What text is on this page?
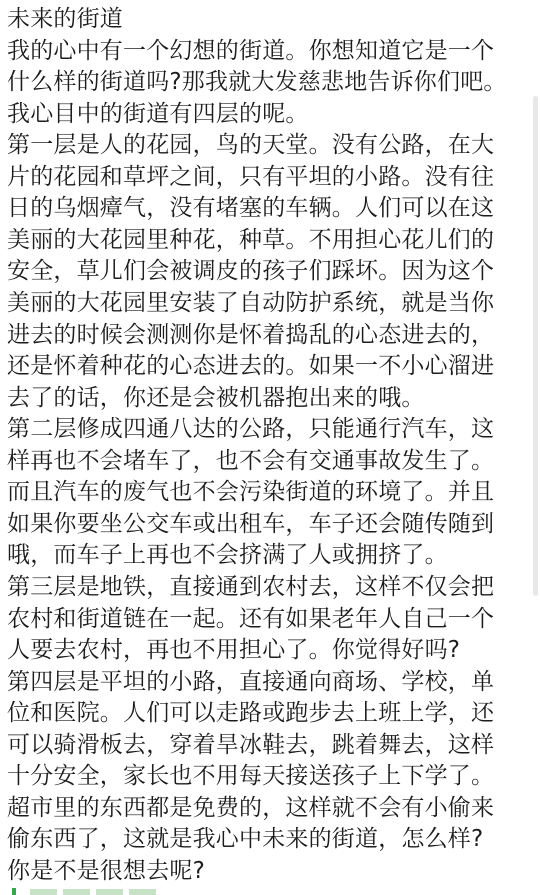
未来的街道
我的心中有一个幻想的街道。你想知道它是一个
什么样的街道吗?那我就大发慈悲地告诉你们吧。
我心目中的街道有四层的呢。
第一层是人的花园，鸟的天堂。没有公路，在大
片的花园和草坪之间，只有平坦的小路。没有往
日的乌烟瘴气，没有堵塞的车辆。人们可以在这
美丽的大花园里种花，种草。不用担心花儿们的
安全，草儿们会被调皮的孩子们踩坏。因为这个
美丽的大花园里安装了自动防护系统，就是当你
进去的时候会测测你是怀着捣乱的心态进去的，
还是怀着种花的心态进去的。如果一不小心溜进
去了的话，你还是会被机器抱出来的哦。
第二层修成四通八达的公路，只能通行汽车，这
样再也不会堵车了，也不会有交通事故发生了。
而且汽车的废气也不会污染街道的环境了。并且
如果你要坐公交车或出租车，车子还会随传随到
哦，而车子上再也不会挤满了人或拥挤了。
第三层是地铁，直接通到农村去，这样不仅会把
农村和街道链在一起。还有如果老年人自己一个
人要去农村，再也不用担心了。你觉得好吗?
第四层是平坦的小路，直接通向商场、学校，单
位和医院。人们可以走路或跑步去上班上学，还
可以骑滑板去，穿着旱冰鞋去，跳着舞去，这样
十分安全，家长也不用每天接送孩子上下学了。
超市里的东西都是免费的，这样就不会有小偷来
偷东西了，这就是我心中未来的街道，怎么样?
你是不是很想去呢?
